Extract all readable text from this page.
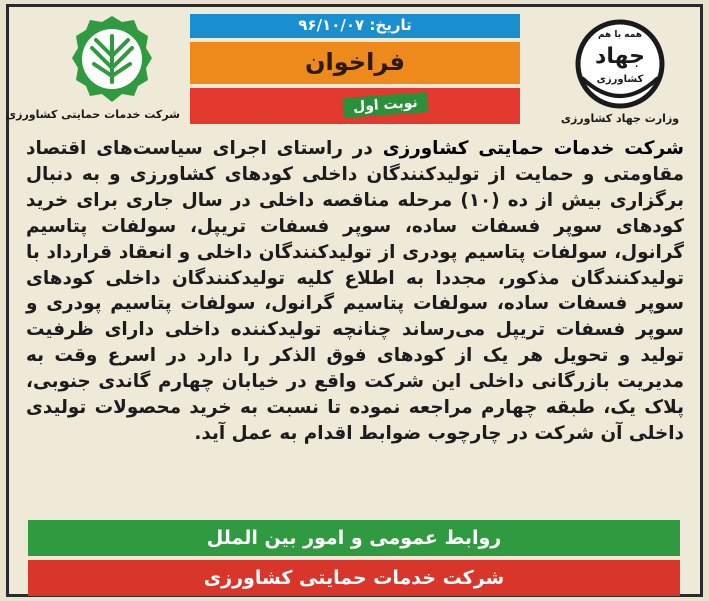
شرکت خدمات حمایتی کشاورزی
همه با هم
جهاد
کشاورزی
وزارت جهاد کشاورزی
تاریخ: ۹۶/۱۰/۰۷
فراخوان
نوبت اول
شرکت خدمات حمایتی کشاورزی در راستای اجرای سیاست‌های اقتصاد مقاومتی و حمایت از تولیدکنندگان داخلی کودهای کشاورزی و به دنبال برگزاری بیش از ده (۱۰) مرحله مناقصه داخلی در سال جاری برای خرید کودهای سوپر فسفات ساده، سوپر فسفات تریپل، سولفات پتاسیم گرانول، سولفات پتاسیم پودری از تولیدکنندگان داخلی و انعقاد قرارداد با تولیدکنندگان مذکور، مجددا به اطلاع کلیه تولیدکنندگان داخلی کودهای سوپر فسفات ساده، سولفات پتاسیم گرانول، سولفات پتاسیم پودری و سوپر فسفات تریپل می‌رساند چنانچه تولیدکننده داخلی دارای ظرفیت تولید و تحویل هر یک از کودهای فوق الذکر را دارد در اسرع وقت به مدیریت بازرگانی داخلی این شرکت واقع در خیابان چهارم گاندی جنوبی، پلاک یک، طبقه چهارم مراجعه نموده تا نسبت به خرید محصولات تولیدی داخلی آن شرکت در چارچوب ضوابط اقدام به عمل آید.
روابط عمومی و امور بین الملل
شرکت خدمات حمایتی کشاورزی
